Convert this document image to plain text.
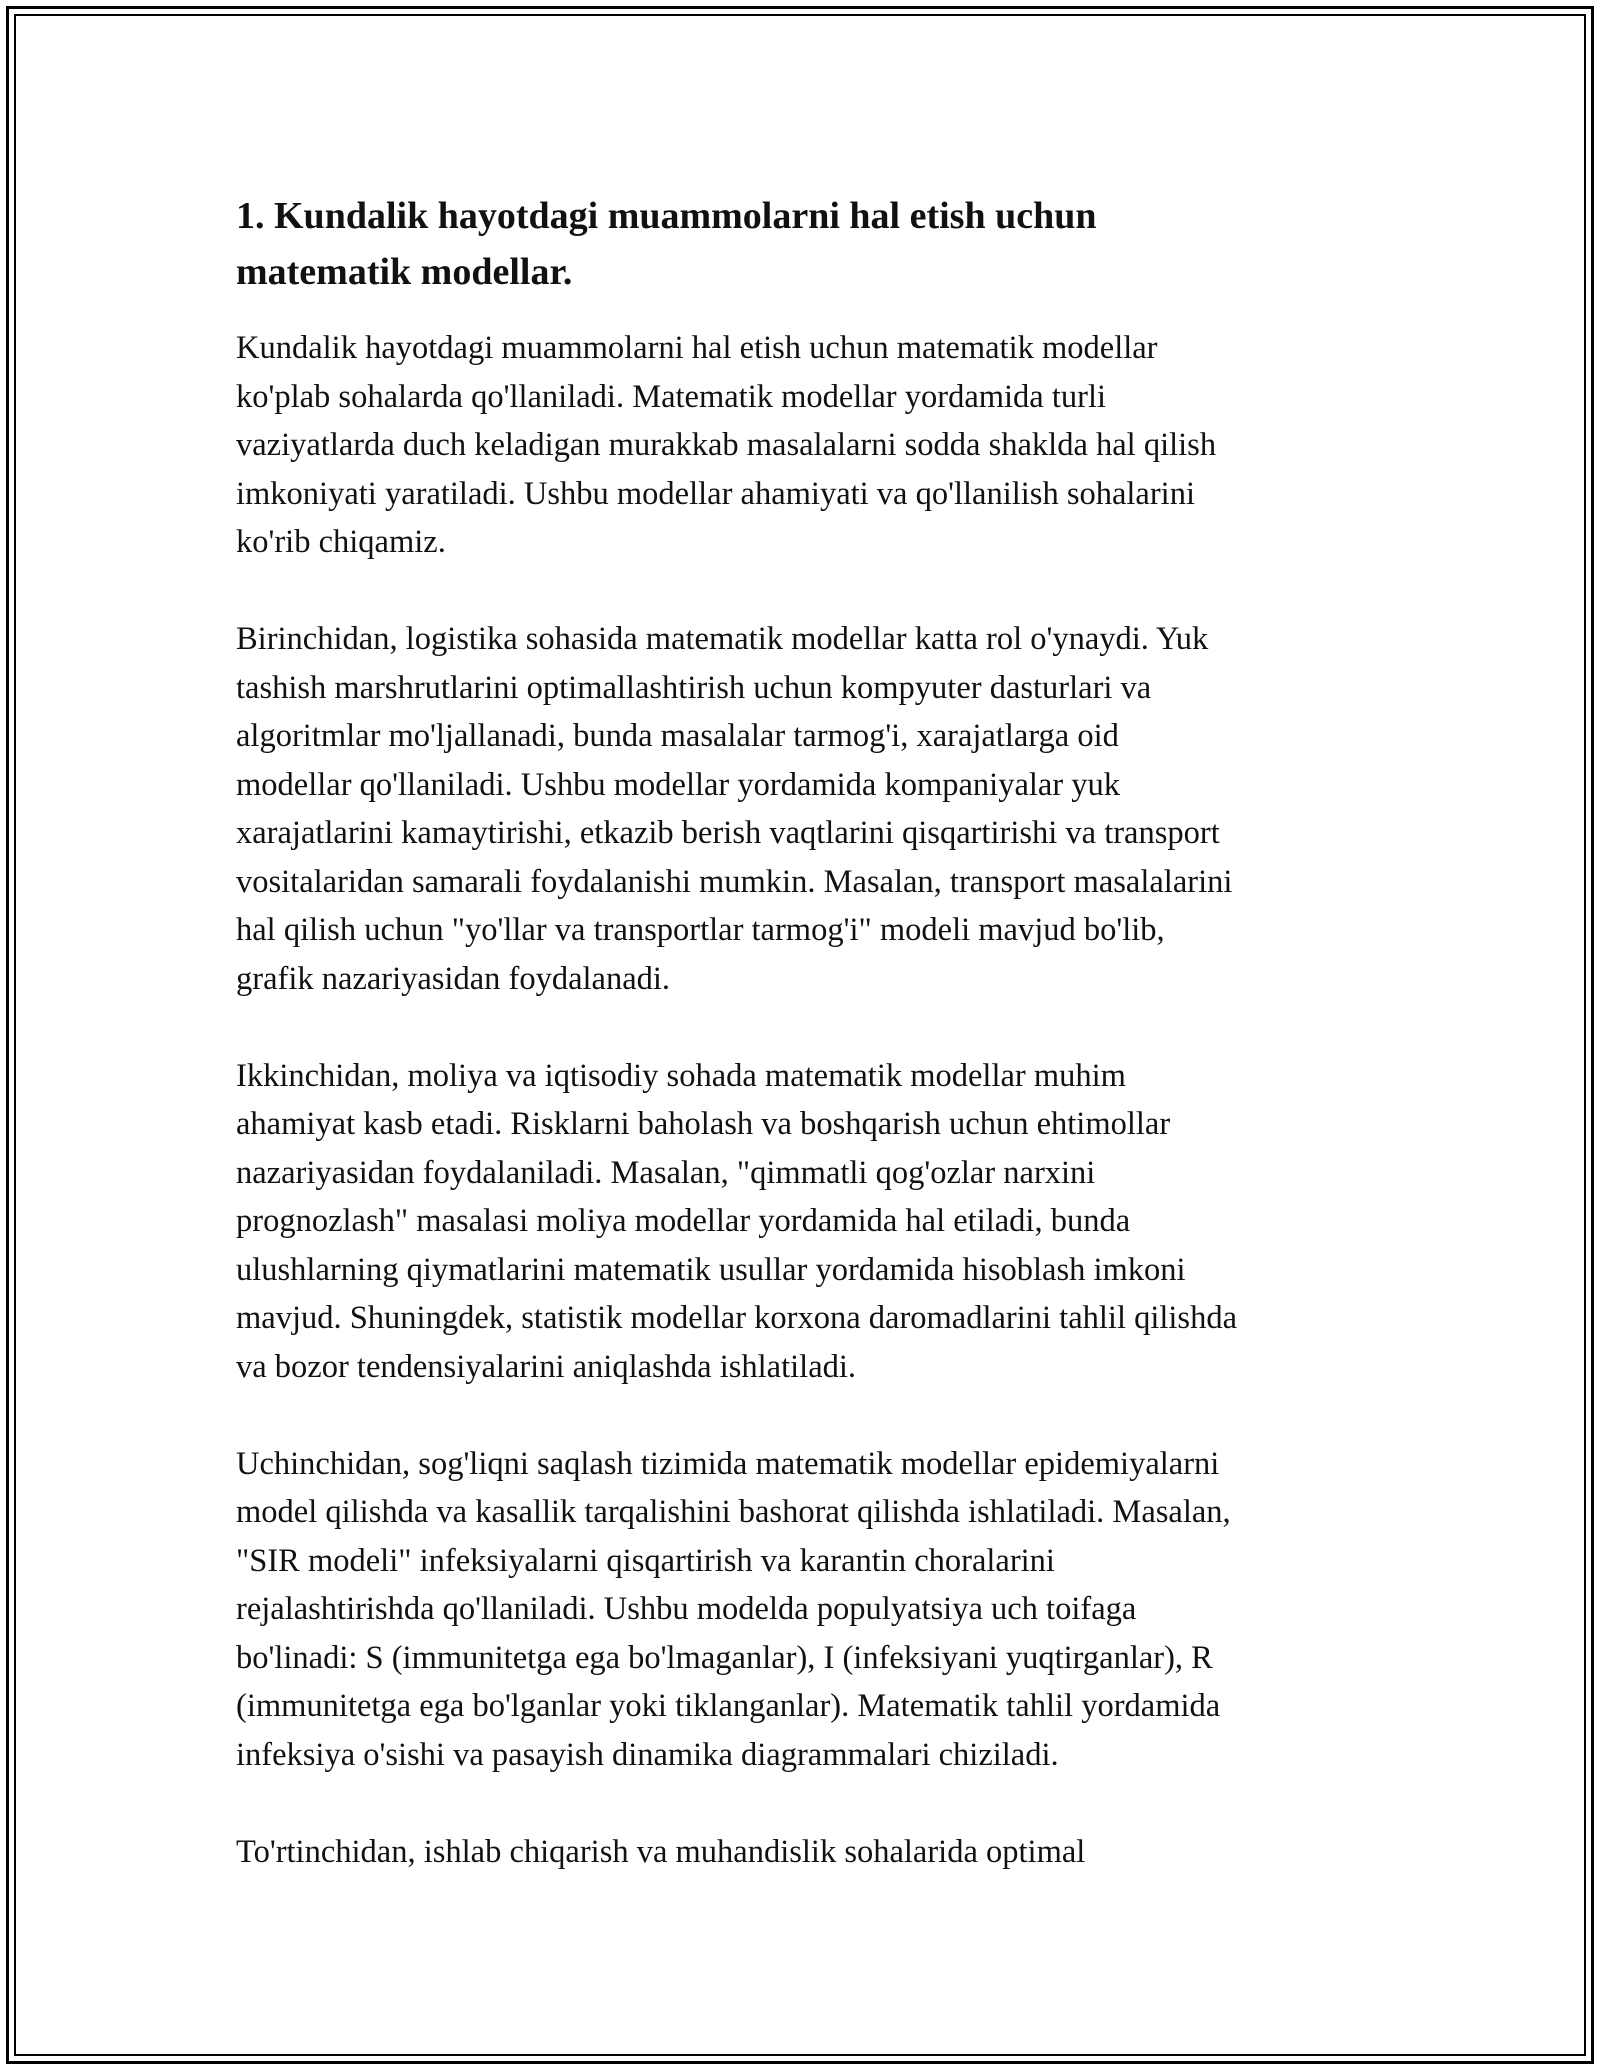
1. Kundalik hayotdagi muammolarni hal etish uchun
matematik modellar.

Kundalik hayotdagi muammolarni hal etish uchun matematik modellar
ko'plab sohalarda qo'llaniladi. Matematik modellar yordamida turli
vaziyatlarda duch keladigan murakkab masalalarni sodda shaklda hal qilish
imkoniyati yaratiladi. Ushbu modellar ahamiyati va qo'llanilish sohalarini
ko'rib chiqamiz.

Birinchidan, logistika sohasida matematik modellar katta rol o'ynaydi. Yuk
tashish marshrutlarini optimallashtirish uchun kompyuter dasturlari va
algoritmlar mo'ljallanadi, bunda masalalar tarmog'i, xarajatlarga oid
modellar qo'llaniladi. Ushbu modellar yordamida kompaniyalar yuk
xarajatlarini kamaytirishi, etkazib berish vaqtlarini qisqartirishi va transport
vositalaridan samarali foydalanishi mumkin. Masalan, transport masalalarini
hal qilish uchun "yo'llar va transportlar tarmog'i" modeli mavjud bo'lib,
grafik nazariyasidan foydalanadi.

Ikkinchidan, moliya va iqtisodiy sohada matematik modellar muhim
ahamiyat kasb etadi. Risklarni baholash va boshqarish uchun ehtimollar
nazariyasidan foydalaniladi. Masalan, "qimmatli qog'ozlar narxini
prognozlash" masalasi moliya modellar yordamida hal etiladi, bunda
ulushlarning qiymatlarini matematik usullar yordamida hisoblash imkoni
mavjud. Shuningdek, statistik modellar korxona daromadlarini tahlil qilishda
va bozor tendensiyalarini aniqlashda ishlatiladi.

Uchinchidan, sog'liqni saqlash tizimida matematik modellar epidemiyalarni
model qilishda va kasallik tarqalishini bashorat qilishda ishlatiladi. Masalan,
"SIR modeli" infeksiyalarni qisqartirish va karantin choralarini
rejalashtirishda qo'llaniladi. Ushbu modelda populyatsiya uch toifaga
bo'linadi: S (immunitetga ega bo'lmaganlar), I (infeksiyani yuqtirganlar), R
(immunitetga ega bo'lganlar yoki tiklanganlar). Matematik tahlil yordamida
infeksiya o'sishi va pasayish dinamika diagrammalari chiziladi.

To'rtinchidan, ishlab chiqarish va muhandislik sohalarida optimal
